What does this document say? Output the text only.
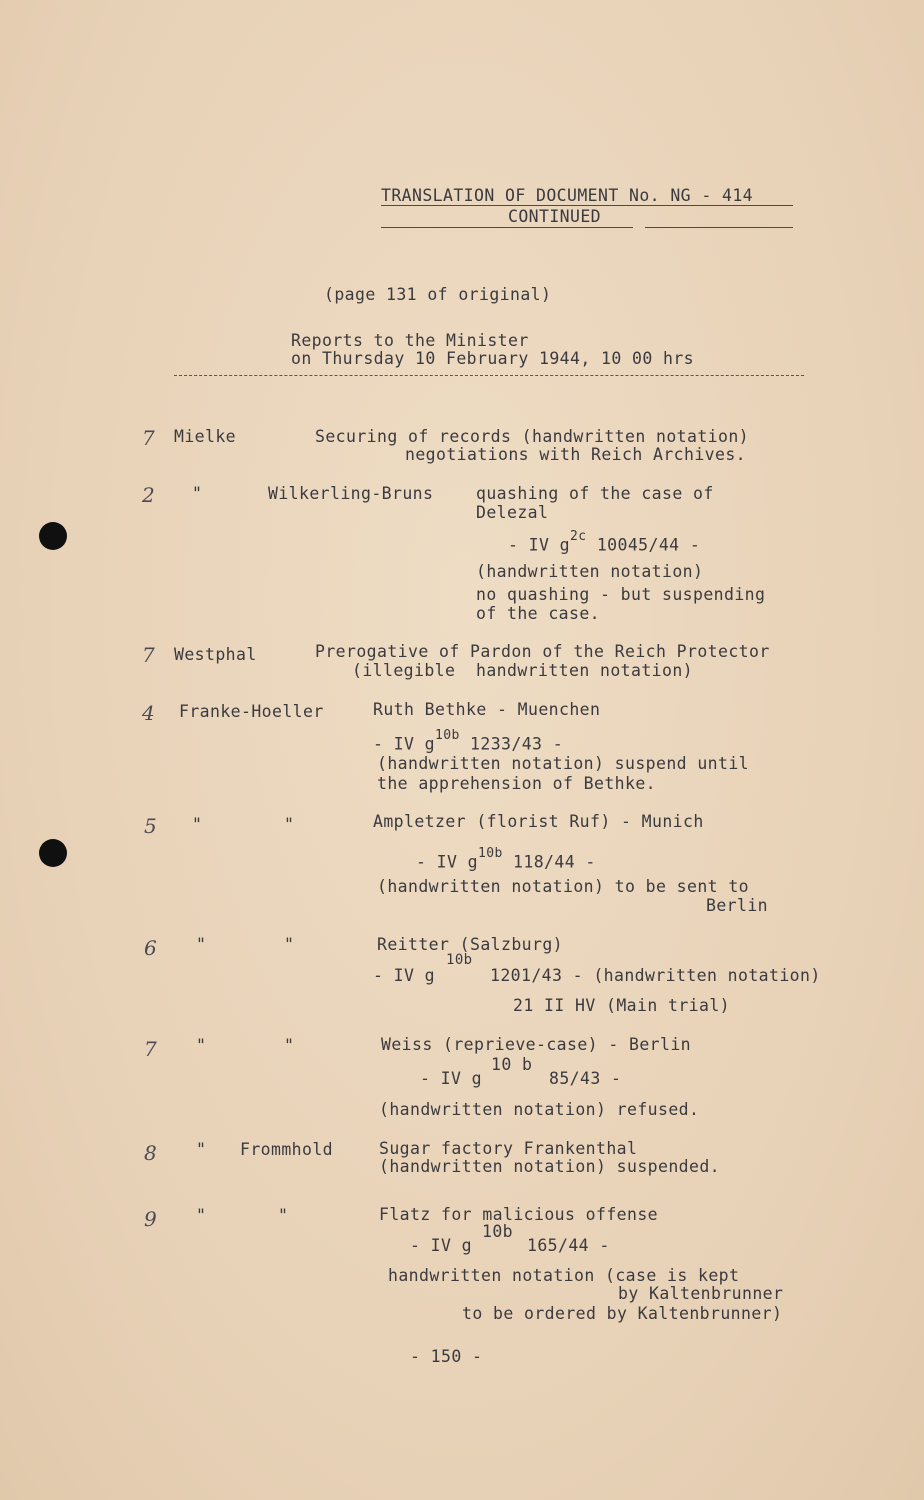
TRANSLATION OF DOCUMENT No. NG - 414
CONTINUED
(page 131 of original)
Reports to the Minister
on Thursday 10 February 1944, 10 00 hrs
7 Mielke	Securing of records (handwritten notation)
negotiations with Reich Archives.
2 "	Wilkerling-Bruns	quashing of the case of
Delezal
- IV $g^{2c}$ 10045/44 -
(handwritten notation)
no quashing - but suspending
of the case.
7 Westphal	Prerogative of Pardon of the Reich Protector
(illegible  handwritten notation)
4 Franke-Hoeller	Ruth Bethke - Muenchen
- IV $g^{10b}$ 1233/43 -
(handwritten notation) suspend until
the apprehension of Bethke.
5 "	"	Ampletzer (florist Ruf) - Munich
- IV $g^{10b}$ 118/44 -
(handwritten notation) to be sent to
Berlin
6 "	"	Reitter (Salzburg)
10b
- IV g	1201/43 - (handwritten notation)
21 II HV (Main trial)
7 "	"	Weiss (reprieve-case) - Berlin
- IV g
10 b
85/43 -
(handwritten notation) refused.
8 " Frommhold	Sugar factory Frankenthal
(handwritten notation) suspended.
9 "	"	Flatz for malicious offense
- IV g
10b
165/44 -
handwritten notation (case is kept
by Kaltenbrunner
to be ordered by Kaltenbrunner)
- 150 -
